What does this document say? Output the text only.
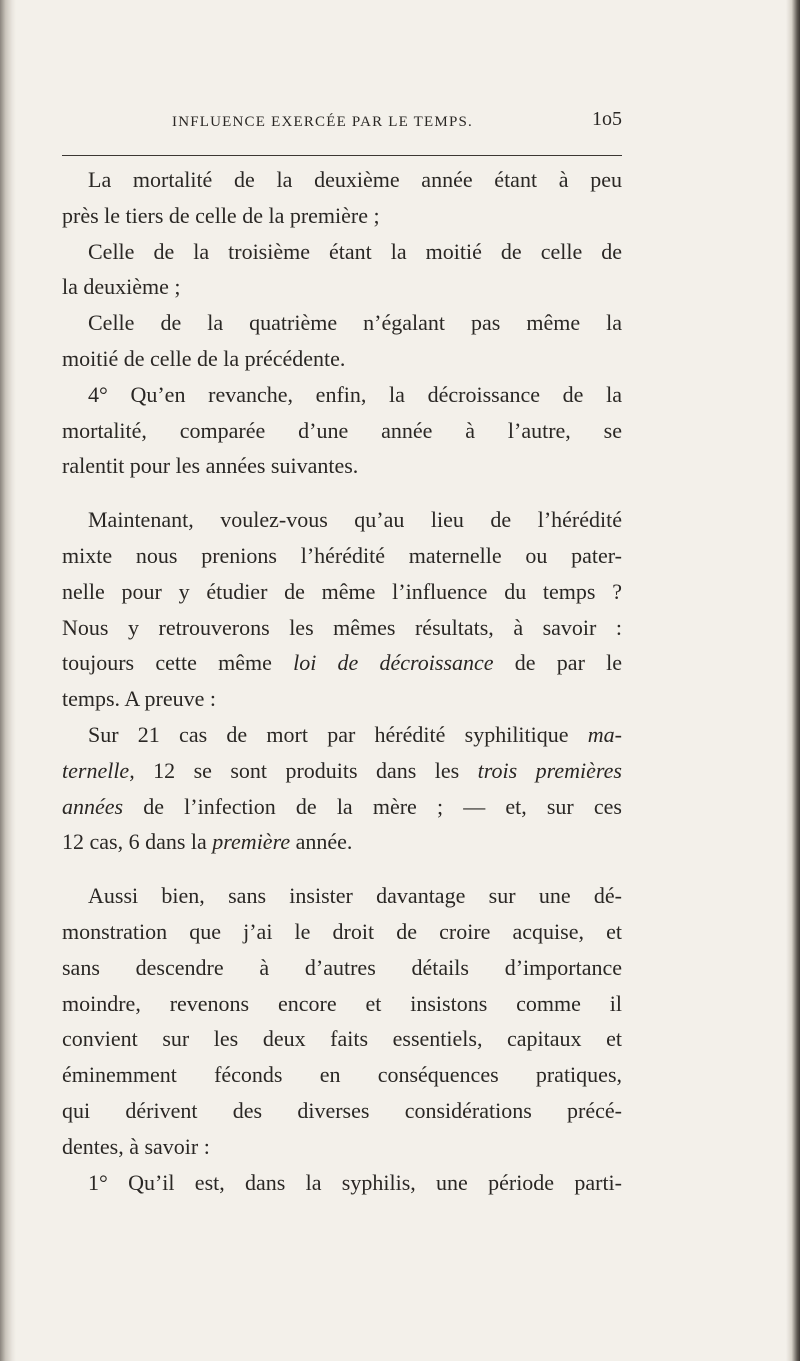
INFLUENCE EXERCÉE PAR LE TEMPS.	1o5
La mortalité de la deuxième année étant à peu
près le tiers de celle de la première ;
Celle de la troisième étant la moitié de celle de
la deuxième ;
Celle de la quatrième n’égalant pas même la
moitié de celle de la précédente.
4° Qu’en revanche, enfin, la décroissance de la
mortalité, comparée d’une année à l’autre, se
ralentit pour les années suivantes.
Maintenant, voulez-vous qu’au lieu de l’hérédité
mixte nous prenions l’hérédité maternelle ou pater-
nelle pour y étudier de même l’influence du temps ?
Nous y retrouverons les mêmes résultats, à savoir :
toujours cette même loi de décroissance de par le
temps. A preuve :
Sur 21 cas de mort par hérédité syphilitique ma-
ternelle, 12 se sont produits dans les trois premières
années de l’infection de la mère ; — et, sur ces
12 cas, 6 dans la première année.
Aussi bien, sans insister davantage sur une dé-
monstration que j’ai le droit de croire acquise, et
sans descendre à d’autres détails d’importance
moindre, revenons encore et insistons comme il
convient sur les deux faits essentiels, capitaux et
éminemment féconds en conséquences pratiques,
qui dérivent des diverses considérations précé-
dentes, à savoir :
1° Qu’il est, dans la syphilis, une période parti-
